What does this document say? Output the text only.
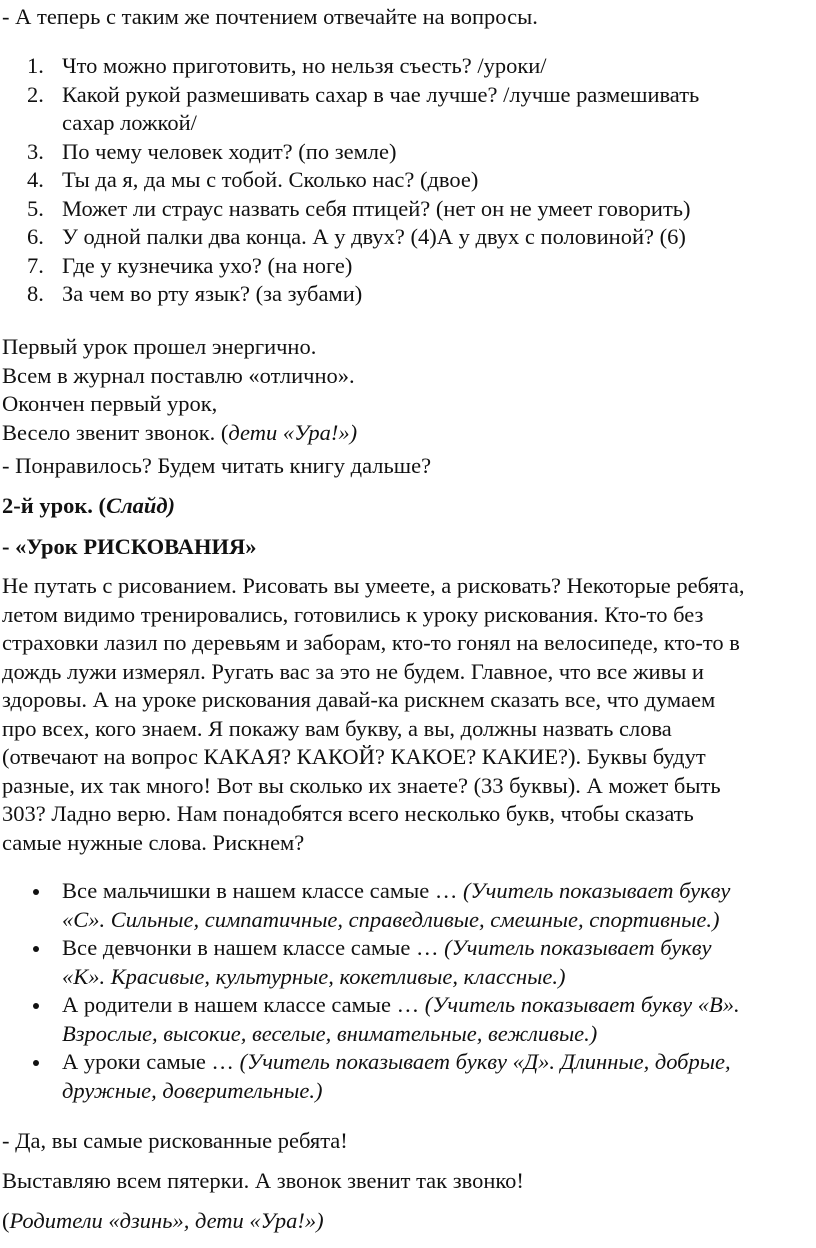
- А теперь с таким же почтением отвечайте на вопросы.

1. Что можно приготовить, но нельзя съесть? /уроки/
2. Какой рукой размешивать сахар в чае лучше? /лучше размешивать
сахар ложкой/
3. По чему человек ходит? (по земле)
4. Ты да я, да мы с тобой. Сколько нас? (двое)
5. Может ли страус назвать себя птицей? (нет он не умеет говорить)
6. У одной палки два конца. А у двух? (4)А у двух с половиной? (6)
7. Где у кузнечика ухо? (на ноге)
8. За чем во рту язык? (за зубами)
Первый урок прошел энергично.
Всем в журнал поставлю «отлично».
Окончен первый урок,
Весело звенит звонок. (дети «Ура!»)

- Понравилось? Будем читать книгу дальше?

2-й урок. (Слайд)

- «Урок РИСКОВАНИЯ»

Не путать с рисованием. Рисовать вы умеете, а рисковать? Некоторые ребята,
летом видимо тренировались, готовились к уроку рискования. Кто-то без
страховки лазил по деревьям и заборам, кто-то гонял на велосипеде, кто-то в
дождь лужи измерял. Ругать вас за это не будем. Главное, что все живы и
здоровы. А на уроке рискования давай-ка рискнем сказать все, что думаем
про всех, кого знаем. Я покажу вам букву, а вы, должны назвать слова
(отвечают на вопрос КАКАЯ? КАКОЙ? КАКОЕ? КАКИЕ?). Буквы будут
разные, их так много! Вот вы сколько их знаете? (33 буквы). А может быть
303? Ладно верю. Нам понадобятся всего несколько букв, чтобы сказать
самые нужные слова. Рискнем?
Все мальчишки в нашем классе самые … (Учитель показывает букву
«С». Сильные, симпатичные, справедливые, смешные, спортивные.)
Все девчонки в нашем классе самые … (Учитель показывает букву
«К». Красивые, культурные, кокетливые, классные.)
А родители в нашем классе самые … (Учитель показывает букву «В».
Взрослые, высокие, веселые, внимательные, вежливые.)
А уроки самые … (Учитель показывает букву «Д». Длинные, добрые,
дружные, доверительные.)

- Да, вы самые рискованные ребята!

Выставляю всем пятерки. А звонок звенит так звонко!

(Родители «дзинь», дети «Ура!»)
